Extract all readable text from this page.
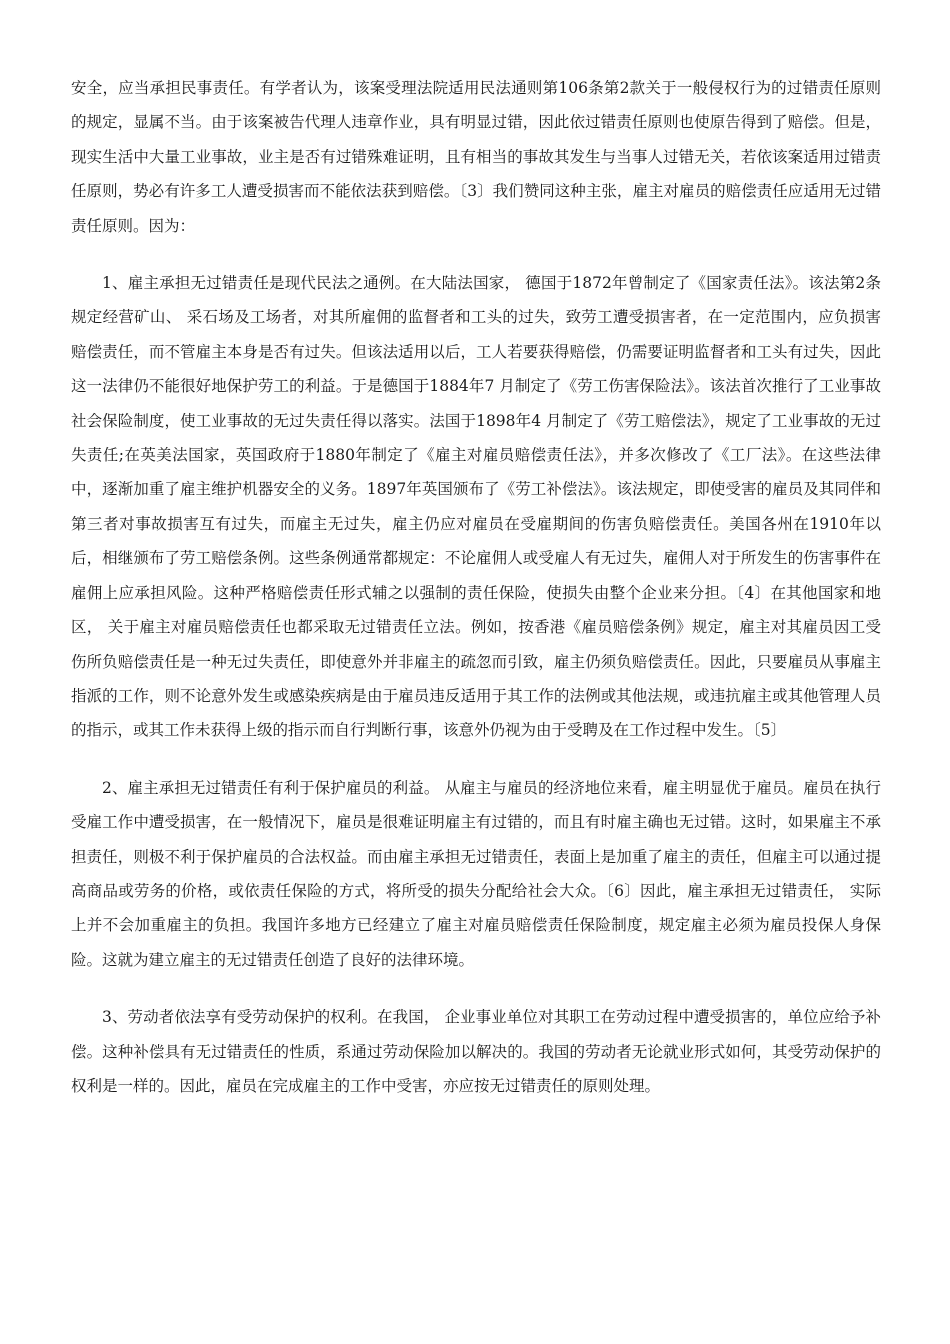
安全，应当承担民事责任。有学者认为，该案受理法院适用民法通则第106条第2款关于一般侵权行为的过错责任原则的规定，显属不当。由于该案被告代理人违章作业，具有明显过错，因此依过错责任原则也使原告得到了赔偿。但是，现实生活中大量工业事故，业主是否有过错殊难证明，且有相当的事故其发生与当事人过错无关，若依该案适用过错责任原则，势必有许多工人遭受损害而不能依法获到赔偿。〔3〕我们赞同这种主张，雇主对雇员的赔偿责任应适用无过错责任原则。因为：

1、雇主承担无过错责任是现代民法之通例。在大陆法国家， 德国于1872年曾制定了《国家责任法》。该法第2条规定经营矿山、 采石场及工场者，对其所雇佣的监督者和工头的过失，致劳工遭受损害者，在一定范围内，应负损害赔偿责任，而不管雇主本身是否有过失。但该法适用以后，工人若要获得赔偿，仍需要证明监督者和工头有过失，因此这一法律仍不能很好地保护劳工的利益。于是德国于1884年7 月制定了《劳工伤害保险法》。该法首次推行了工业事故社会保险制度，使工业事故的无过失责任得以落实。法国于1898年4 月制定了《劳工赔偿法》，规定了工业事故的无过失责任;在英美法国家，英国政府于1880年制定了《雇主对雇员赔偿责任法》，并多次修改了《工厂法》。在这些法律中，逐渐加重了雇主维护机器安全的义务。1897年英国颁布了《劳工补偿法》。该法规定，即使受害的雇员及其同伴和第三者对事故损害互有过失，而雇主无过失，雇主仍应对雇员在受雇期间的伤害负赔偿责任。美国各州在1910年以后，相继颁布了劳工赔偿条例。这些条例通常都规定：不论雇佣人或受雇人有无过失，雇佣人对于所发生的伤害事件在雇佣上应承担风险。这种严格赔偿责任形式辅之以强制的责任保险，使损失由整个企业来分担。〔4〕在其他国家和地区， 关于雇主对雇员赔偿责任也都采取无过错责任立法。例如，按香港《雇员赔偿条例》规定，雇主对其雇员因工受伤所负赔偿责任是一种无过失责任，即使意外并非雇主的疏忽而引致，雇主仍须负赔偿责任。因此，只要雇员从事雇主指派的工作，则不论意外发生或感染疾病是由于雇员违反适用于其工作的法例或其他法规，或违抗雇主或其他管理人员的指示，或其工作未获得上级的指示而自行判断行事，该意外仍视为由于受聘及在工作过程中发生。〔5〕

2、雇主承担无过错责任有利于保护雇员的利益。 从雇主与雇员的经济地位来看，雇主明显优于雇员。雇员在执行受雇工作中遭受损害，在一般情况下，雇员是很难证明雇主有过错的，而且有时雇主确也无过错。这时，如果雇主不承担责任，则极不利于保护雇员的合法权益。而由雇主承担无过错责任，表面上是加重了雇主的责任，但雇主可以通过提高商品或劳务的价格，或依责任保险的方式，将所受的损失分配给社会大众。〔6〕因此，雇主承担无过错责任， 实际上并不会加重雇主的负担。我国许多地方已经建立了雇主对雇员赔偿责任保险制度，规定雇主必须为雇员投保人身保险。这就为建立雇主的无过错责任创造了良好的法律环境。

3、劳动者依法享有受劳动保护的权利。在我国， 企业事业单位对其职工在劳动过程中遭受损害的，单位应给予补偿。这种补偿具有无过错责任的性质，系通过劳动保险加以解决的。我国的劳动者无论就业形式如何，其受劳动保护的权利是一样的。因此，雇员在完成雇主的工作中受害，亦应按无过错责任的原则处理。
